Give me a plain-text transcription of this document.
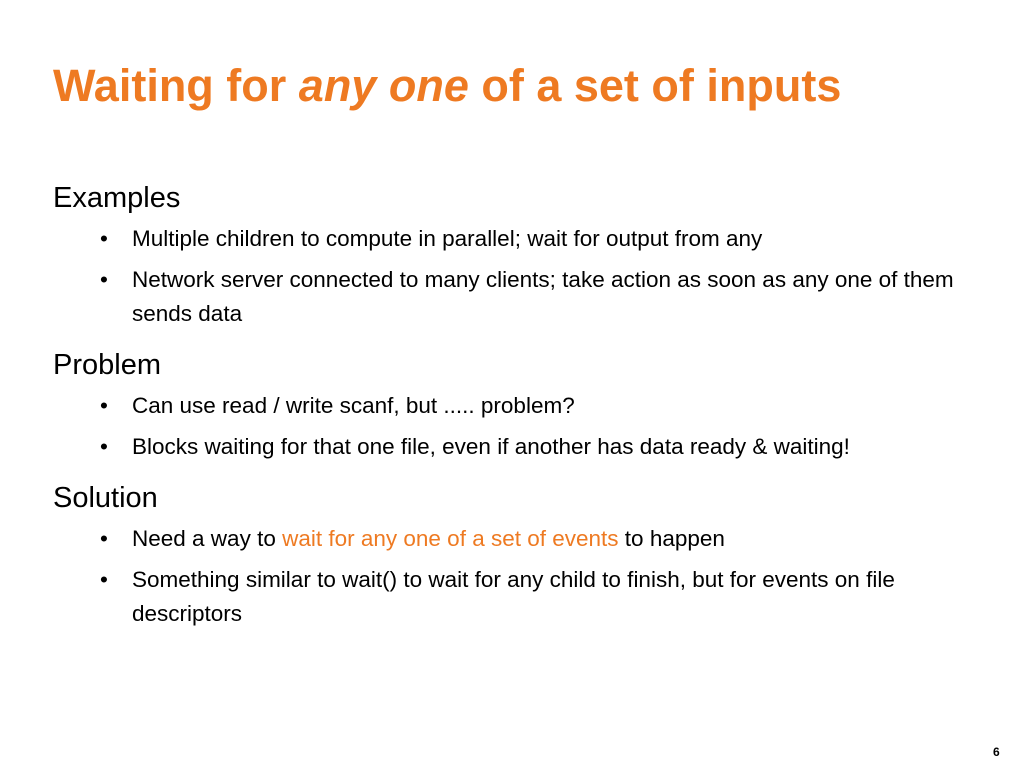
Waiting for any one of a set of inputs
Examples
• Multiple children to compute in parallel; wait for output from any
• Network server connected to many clients; take action as soon as any one of them sends data
Problem
• Can use read / write scanf, but ..... problem?
• Blocks waiting for that one file, even if another has data ready & waiting!
Solution
• Need a way to wait for any one of a set of events to happen
• Something similar to wait() to wait for any child to finish, but for events on file descriptors
6
